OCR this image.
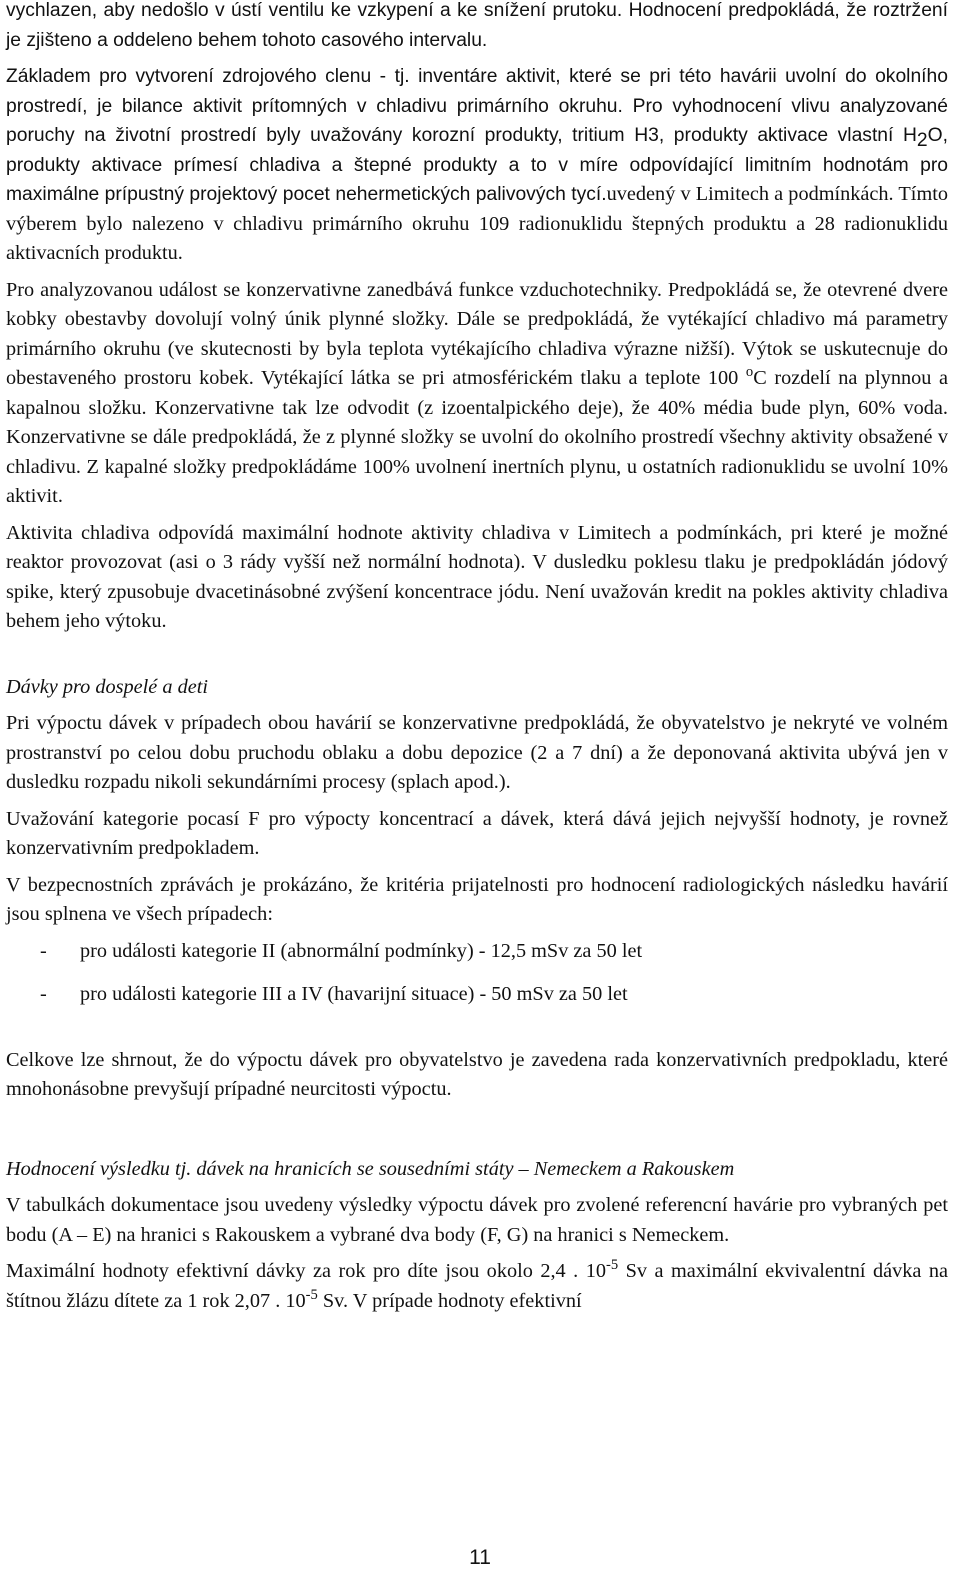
vychlazen, aby nedošlo v ústí ventilu ke vzkypení a ke snížení prutoku. Hodnocení predpokládá, že roztržení je zjišteno a oddeleno behem tohoto casového intervalu.

Základem pro vytvorení zdrojového clenu - tj. inventáre aktivit, které se pri této havárii uvolní do okolního prostredí, je bilance aktivit prítomných v chladivu primárního okruhu. Pro vyhodnocení vlivu analyzované poruchy na životní prostredí byly uvažovány korozní produkty, tritium H3, produkty aktivace vlastní $H_2O$, produkty aktivace prímesí chladiva a štepné produkty a to v míre odpovídající limitním hodnotám pro maximálne prípustný projektový pocet nehermetických palivových tycí.uvedený v Limitech a podmínkách. Tímto výberem bylo nalezeno v chladivu primárního okruhu 109 radionuklidu štepných produktu a 28 radionuklidu aktivacních produktu.

Pro analyzovanou událost se konzervativne zanedbává funkce vzduchotechniky. Predpokládá se, že otevrené dvere kobky obestavby dovolují volný únik plynné složky. Dále se predpokládá, že vytékající chladivo má parametry primárního okruhu (ve skutecnosti by byla teplota vytékajícího chladiva výrazne nižší). Výtok se uskutecnuje do obestaveného prostoru kobek. Vytékající látka se pri atmosférickém tlaku a teplote 100 $^o$C rozdelí na plynnou a kapalnou složku. Konzervativne tak lze odvodit (z izoentalpického deje), že 40% média bude plyn, 60% voda. Konzervativne se dále predpokládá, že z plynné složky se uvolní do okolního prostredí všechny aktivity obsažené v chladivu. Z kapalné složky predpokládáme 100% uvolnení inertních plynu, u ostatních radionuklidu se uvolní 10% aktivit.

Aktivita chladiva odpovídá maximální hodnote aktivity chladiva v Limitech a podmínkách, pri které je možné reaktor provozovat (asi o 3 rády vyšší než normální hodnota). V dusledku poklesu tlaku je predpokládán jódový spike, který zpusobuje dvacetinásobné zvýšení koncentrace jódu. Není uvažován kredit na pokles aktivity chladiva behem jeho výtoku.

Dávky pro dospelé a deti

Pri výpoctu dávek v prípadech obou havárií se konzervativne predpokládá, že obyvatelstvo je nekryté ve volném prostranství po celou dobu pruchodu oblaku a dobu depozice (2 a 7 dní) a že deponovaná aktivita ubývá jen v dusledku rozpadu nikoli sekundárními procesy (splach apod.).

Uvažování kategorie pocasí F pro výpocty koncentrací a dávek, která dává jejich nejvyšší hodnoty, je rovnež konzervativním predpokladem.

V bezpecnostních zprávách je prokázáno, že kritéria prijatelnosti pro hodnocení radiologických následku havárií jsou splnena ve všech prípadech:

- pro události kategorie II (abnormální podmínky) - 12,5 mSv za 50 let
- pro události kategorie III a IV (havarijní situace) - 50 mSv za 50 let

Celkove lze shrnout, že do výpoctu dávek pro obyvatelstvo je zavedena rada konzervativních predpokladu, které mnohonásobne prevyšují prípadné neurcitosti výpoctu.

Hodnocení výsledku tj. dávek na hranicích se sousedními státy – Nemeckem a Rakouskem

V tabulkách dokumentace jsou uvedeny výsledky výpoctu dávek pro zvolené referencní havárie pro vybraných pet bodu (A – E) na hranici s Rakouskem a vybrané dva body (F, G) na hranici s Nemeckem.

Maximální hodnoty efektivní dávky za rok pro díte jsou okolo 2,4 . $10^{-5}$ Sv a maximální ekvivalentní dávka na štítnou žlázu dítete za 1 rok 2,07 . $10^{-5}$ Sv. V prípade hodnoty efektivní

11
